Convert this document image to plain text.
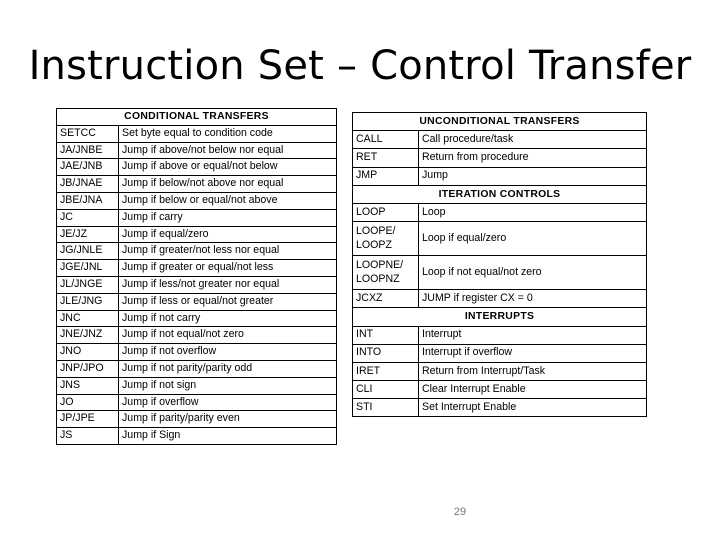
Instruction Set – Control Transfer
CONDITIONAL TRANSFERS	
SETCC	Set byte equal to condition code
JA/JNBE	Jump if above/not below nor equal
JAE/JNB	Jump if above or equal/not below
JB/JNAE	Jump if below/not above nor equal
JBE/JNA	Jump if below or equal/not above
JC	Jump if carry
JE/JZ	Jump if equal/zero
JG/JNLE	Jump if greater/not less nor equal
JGE/JNL	Jump if greater or equal/not less
JL/JNGE	Jump if less/not greater nor equal
JLE/JNG	Jump if less or equal/not greater
JNC	Jump if not carry
JNE/JNZ	Jump if not equal/not zero
JNO	Jump if not overflow
JNP/JPO	Jump if not parity/parity odd
JNS	Jump if not sign
JO	Jump if overflow
JP/JPE	Jump if parity/parity even
JS	Jump if Sign
UNCONDITIONAL TRANSFERS	
CALL	Call procedure/task
RET	Return from procedure
JMP	Jump
ITERATION CONTROLS	
LOOP	Loop
LOOPE/
LOOPZ	Loop if equal/zero
LOOPNE/
LOOPNZ	Loop if not equal/not zero
JCXZ	JUMP if register CX = 0
INTERRUPTS	
INT	Interrupt
INTO	Interrupt if overflow
IRET	Return from Interrupt/Task
CLI	Clear Interrupt Enable
STI	Set Interrupt Enable
29
